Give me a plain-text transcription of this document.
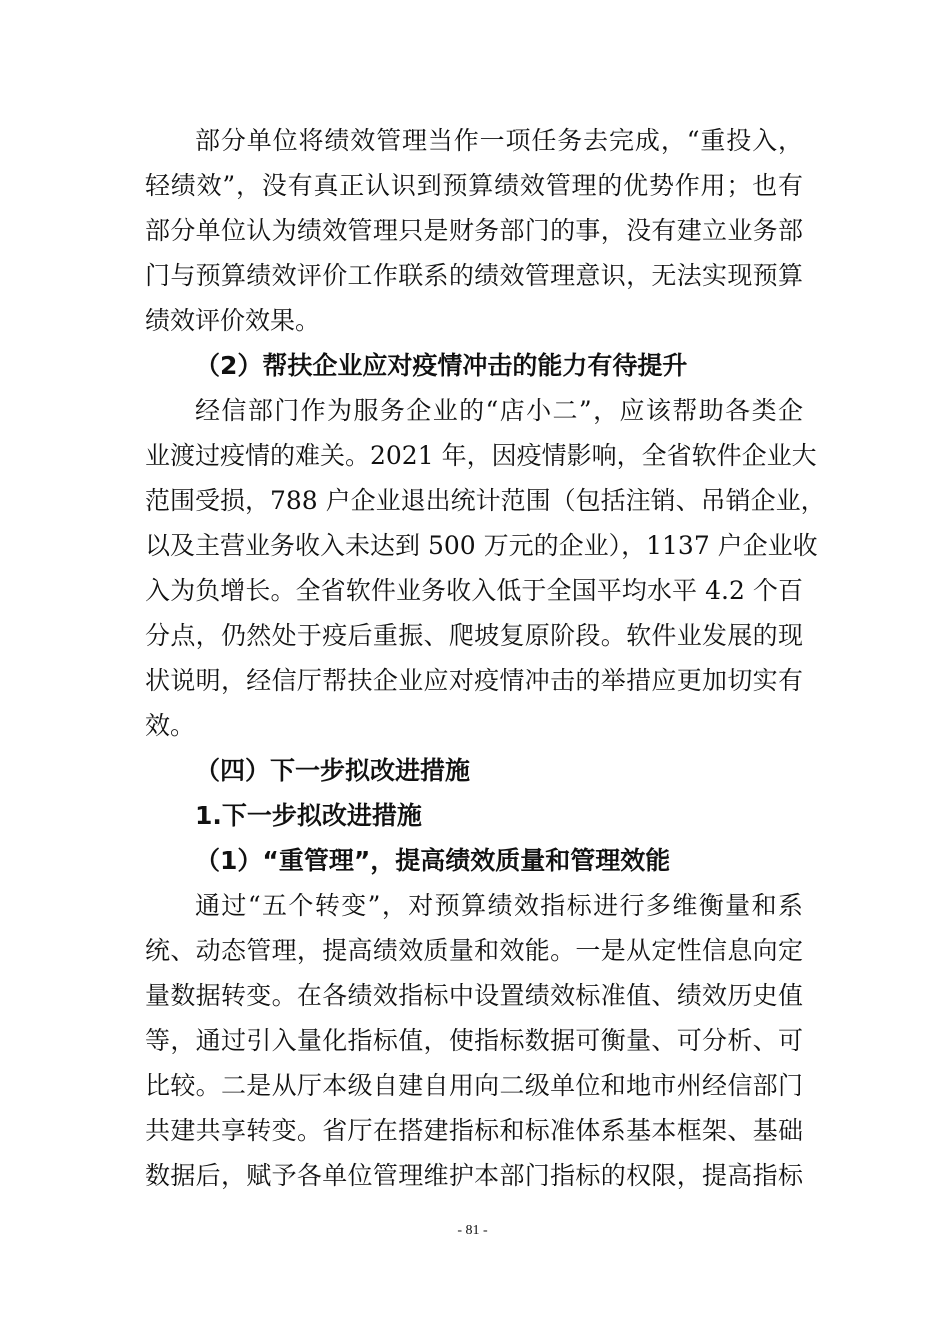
部分单位将绩效管理当作一项任务去完成，“重投入，
轻绩效”，没有真正认识到预算绩效管理的优势作用；也有
部分单位认为绩效管理只是财务部门的事，没有建立业务部
门与预算绩效评价工作联系的绩效管理意识，无法实现预算
绩效评价效果。
（2）帮扶企业应对疫情冲击的能力有待提升
经信部门作为服务企业的“店小二”，应该帮助各类企
业渡过疫情的难关。2021 年，因疫情影响，全省软件企业大
范围受损，788 户企业退出统计范围（包括注销、吊销企业，
以及主营业务收入未达到 500 万元的企业），1137 户企业收
入为负增长。全省软件业务收入低于全国平均水平 4.2 个百
分点，仍然处于疫后重振、爬坡复原阶段。软件业发展的现
状说明，经信厅帮扶企业应对疫情冲击的举措应更加切实有
效。
（四）下一步拟改进措施
1.下一步拟改进措施
（1）“重管理”，提高绩效质量和管理效能
通过“五个转变”，对预算绩效指标进行多维衡量和系
统、动态管理，提高绩效质量和效能。一是从定性信息向定
量数据转变。在各绩效指标中设置绩效标准值、绩效历史值
等，通过引入量化指标值，使指标数据可衡量、可分析、可
比较。二是从厅本级自建自用向二级单位和地市州经信部门
共建共享转变。省厅在搭建指标和标准体系基本框架、基础
数据后，赋予各单位管理维护本部门指标的权限，提高指标
- 81 -
